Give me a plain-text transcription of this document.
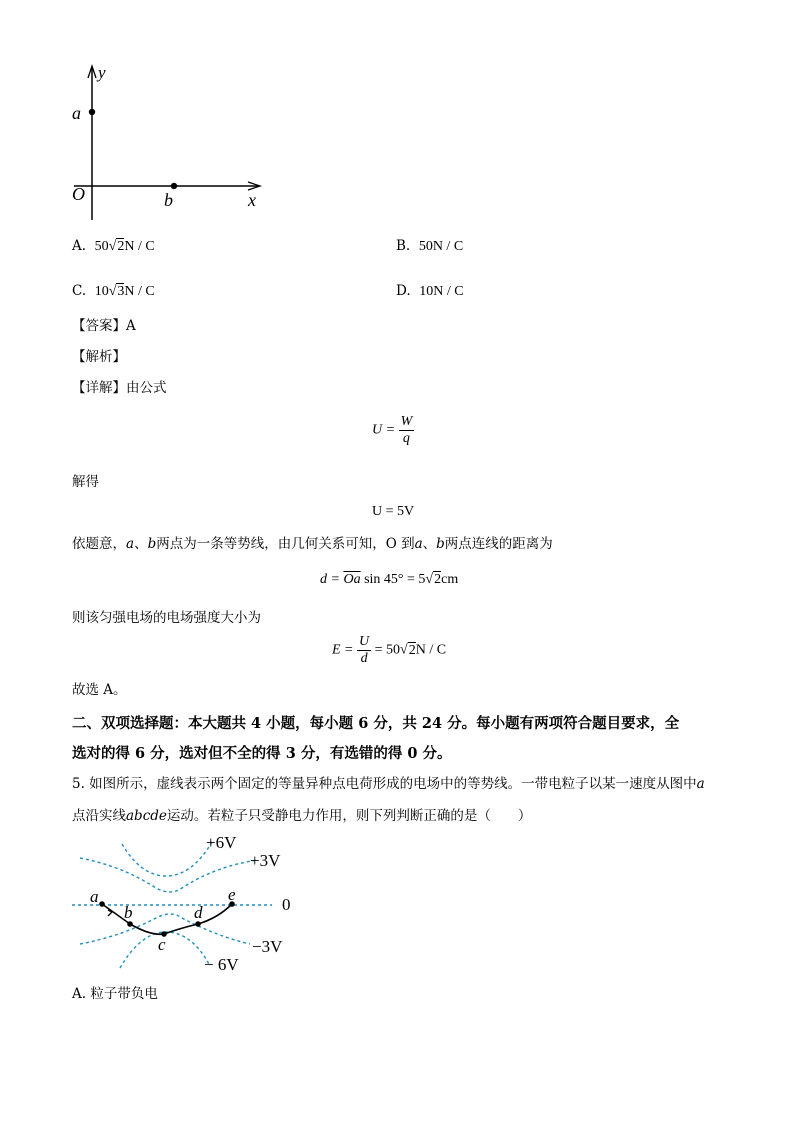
y
a
O	b	x
A. 50√2N / C	B. 50N / C
C. 10√3N / C	D. 10N / C
【答案】A
【解析】
【详解】由公式
$U = \frac{W}{q}$
解得
U = 5V
依题意，a、b两点为一条等势线，由几何关系可知，O 到a、b两点连线的距离为
$d = \overline{Oa}$ sin 45° = 5√2cm
则该匀强电场的电场强度大小为
$E = \frac{U}{d} = 50√2N / C$
故选 A。
二、双项选择题：本大题共 4 小题，每小题 6 分，共 24 分。每小题有两项符合题目要求，全
选对的得 6 分，选对但不全的得 3 分，有选错的得 0 分。
5. 如图所示，虚线表示两个固定的等量异种点电荷形成的电场中的等势线。一带电粒子以某一速度从图中a
点沿实线abcde运动。若粒子只受静电力作用，则下列判断正确的是（　　）
a
b
c
d
e
+6V
+3V
0
−3V
− 6V
A. 粒子带负电
